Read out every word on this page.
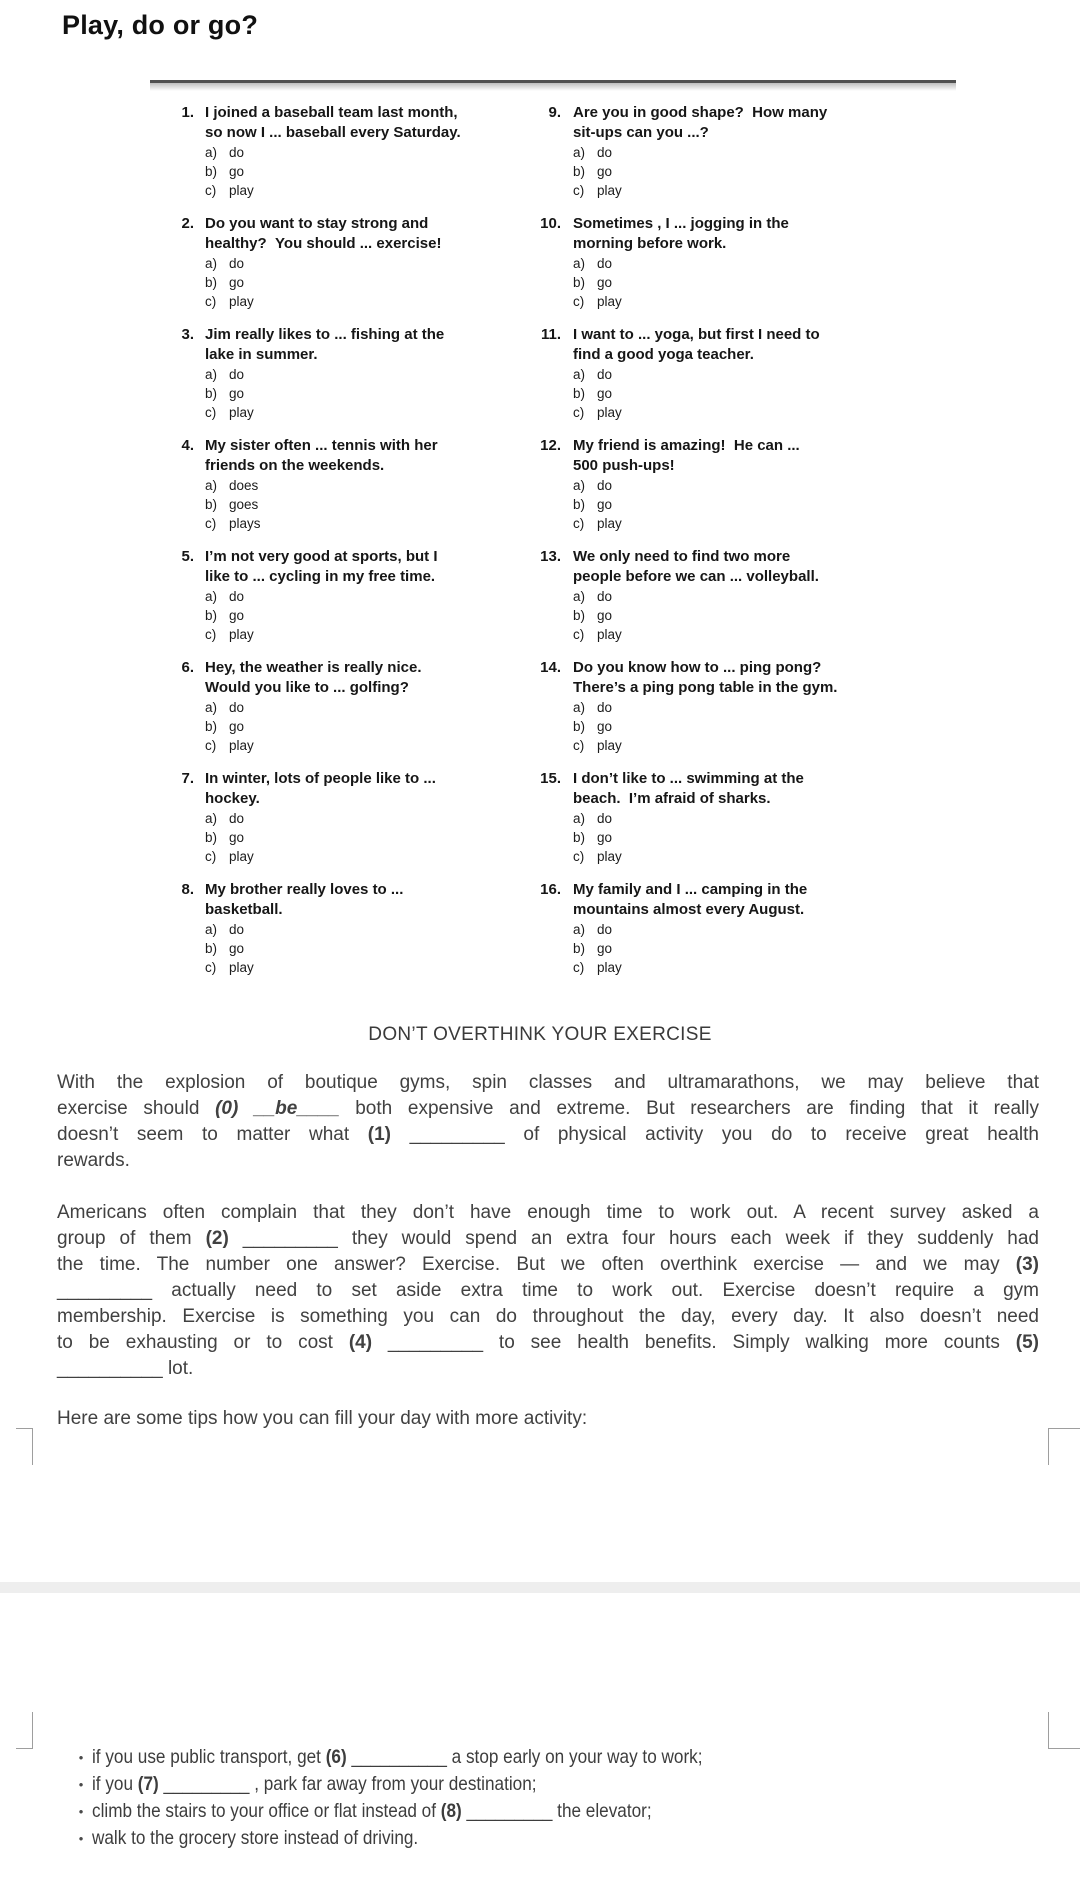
Play, do or go?
1. I joined a baseball team last month,
so now I ... baseball every Saturday.
a) do
b) go
c) play
2. Do you want to stay strong and
healthy?  You should ... exercise!
a) do
b) go
c) play
3. Jim really likes to ... fishing at the
lake in summer.
a) do
b) go
c) play
4. My sister often ... tennis with her
friends on the weekends.
a) does
b) goes
c) plays
5. I’m not very good at sports, but I
like to ... cycling in my free time.
a) do
b) go
c) play
6. Hey, the weather is really nice.
Would you like to ... golfing?
a) do
b) go
c) play
7. In winter, lots of people like to ...
hockey.
a) do
b) go
c) play
8. My brother really loves to ...
basketball.
a) do
b) go
c) play
9. Are you in good shape?  How many
sit-ups can you ...?
a) do
b) go
c) play
10. Sometimes , I ... jogging in the
morning before work.
a) do
b) go
c) play
11. I want to ... yoga, but first I need to
find a good yoga teacher.
a) do
b) go
c) play
12. My friend is amazing!  He can ...
500 push-ups!
a) do
b) go
c) play
13. We only need to find two more
people before we can ... volleyball.
a) do
b) go
c) play
14. Do you know how to ... ping pong?
There’s a ping pong table in the gym.
a) do
b) go
c) play
15. I don’t like to ... swimming at the
beach.  I’m afraid of sharks.
a) do
b) go
c) play
16. My family and I ... camping in the
mountains almost every August.
a) do
b) go
c) play
DON’T OVERTHINK YOUR EXERCISE
With the explosion of boutique gyms, spin classes and ultramarathons, we may believe that
exercise should (0) __be____ both expensive and extreme. But researchers are finding that it really
doesn’t seem to matter what (1) _________ of physical activity you do to receive great health
rewards.
Americans often complain that they don’t have enough time to work out. A recent survey asked a
group of them (2) _________ they would spend an extra four hours each week if they suddenly had
the time. The number one answer? Exercise. But we often overthink exercise — and we may (3)
_________ actually need to set aside extra time to work out. Exercise doesn’t require a gym
membership. Exercise is something you can do throughout the day, every day. It also doesn’t need
to be exhausting or to cost (4) _________ to see health benefits. Simply walking more counts (5)
__________ lot.
Here are some tips how you can fill your day with more activity:
• if you use public transport, get (6) __________ a stop early on your way to work;
• if you (7) _________ , park far away from your destination;
• climb the stairs to your office or flat instead of (8) _________ the elevator;
• walk to the grocery store instead of driving.
